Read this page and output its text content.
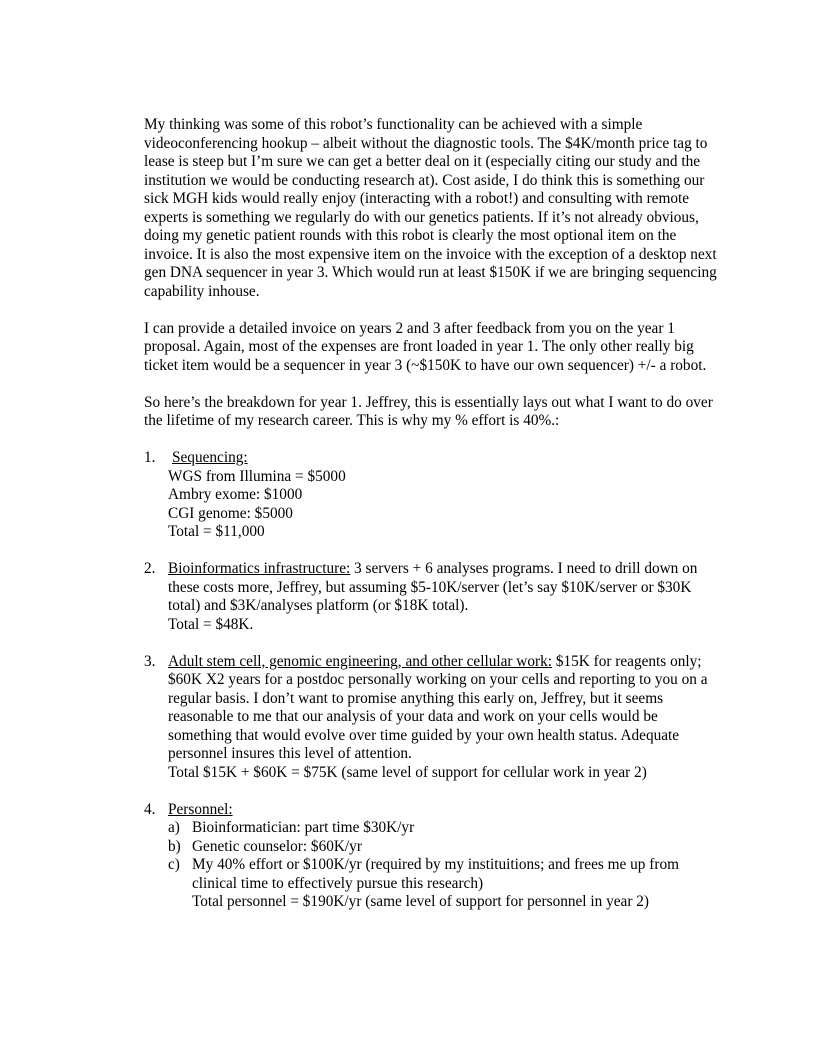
My thinking was some of this robot’s functionality can be achieved with a simple videoconferencing hookup – albeit without the diagnostic tools. The $4K/month price tag to lease is steep but I’m sure we can get a better deal on it (especially citing our study and the institution we would be conducting research at). Cost aside, I do think this is something our sick MGH kids would really enjoy (interacting with a robot!) and consulting with remote experts is something we regularly do with our genetics patients. If it’s not already obvious, doing my genetic patient rounds with this robot is clearly the most optional item on the invoice. It is also the most expensive item on the invoice with the exception of a desktop next gen DNA sequencer in year 3. Which would run at least $150K if we are bringing sequencing capability inhouse.

I can provide a detailed invoice on years 2 and 3 after feedback from you on the year 1 proposal. Again, most of the expenses are front loaded in year 1. The only other really big ticket item would be a sequencer in year 3 (~$150K to have our own sequencer) +/- a robot.

So here’s the breakdown for year 1. Jeffrey, this is essentially lays out what I want to do over the lifetime of my research career. This is why my % effort is 40%.:

1. Sequencing:
WGS from Illumina = $5000
Ambry exome: $1000
CGI genome: $5000
Total = $11,000
2. Bioinformatics infrastructure: 3 servers + 6 analyses programs. I need to drill down on these costs more, Jeffrey, but assuming $5-10K/server (let’s say $10K/server or $30K total) and $3K/analyses platform (or $18K total).
Total = $48K.
3. Adult stem cell, genomic engineering, and other cellular work: $15K for reagents only; $60K X2 years for a postdoc personally working on your cells and reporting to you on a regular basis. I don’t want to promise anything this early on, Jeffrey, but it seems reasonable to me that our analysis of your data and work on your cells would be something that would evolve over time guided by your own health status. Adequate personnel insures this level of attention.
Total $15K + $60K = $75K (same level of support for cellular work in year 2)
4. Personnel:
a) Bioinformatician: part time $30K/yr
b) Genetic counselor: $60K/yr
c) My 40% effort or $100K/yr (required by my instituitions; and frees me up from clinical time to effectively pursue this research)
Total personnel = $190K/yr (same level of support for personnel in year 2)
